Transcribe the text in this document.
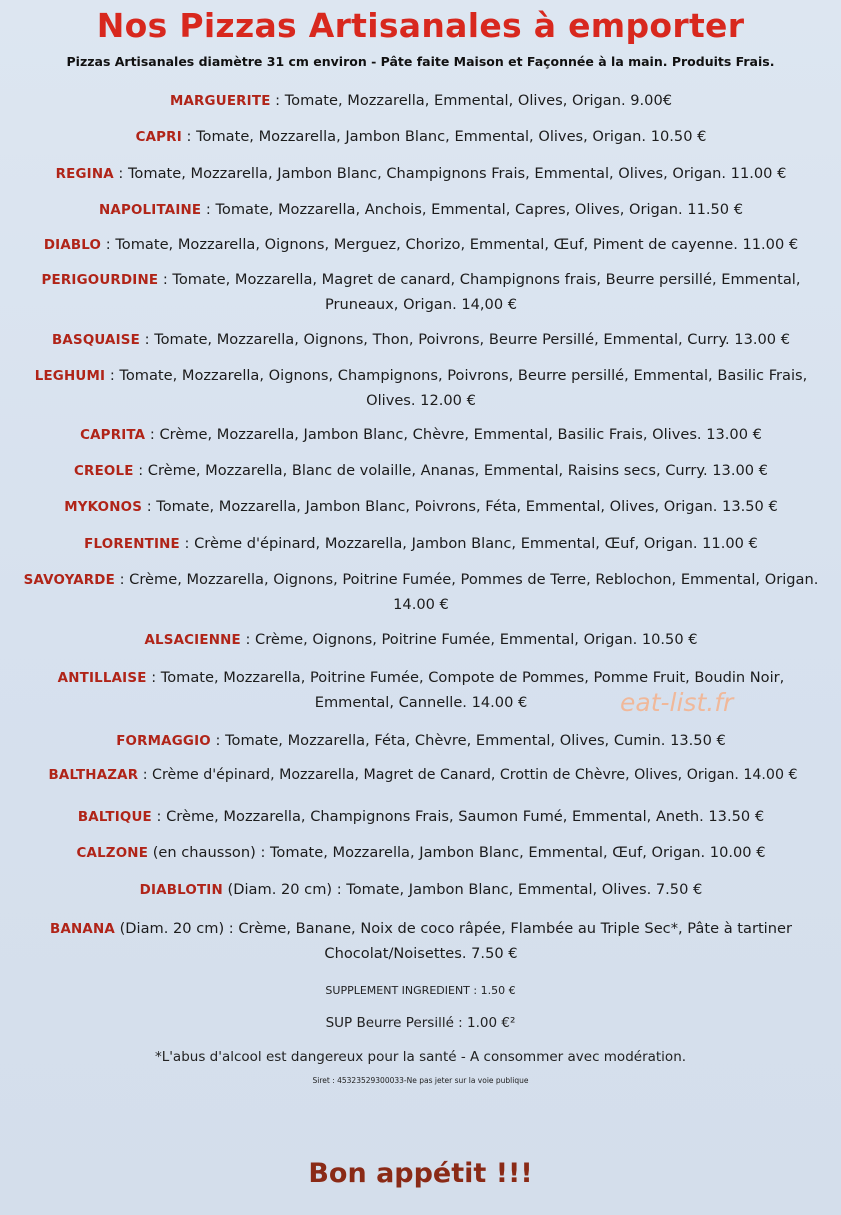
Nos Pizzas Artisanales à emporter
Pizzas Artisanales diamètre 31 cm environ - Pâte faite Maison et Façonnée à la main. Produits Frais.
MARGUERITE : Tomate, Mozzarella, Emmental, Olives, Origan. 9.00€
CAPRI : Tomate, Mozzarella, Jambon Blanc, Emmental, Olives, Origan. 10.50 €
REGINA : Tomate, Mozzarella, Jambon Blanc, Champignons Frais, Emmental, Olives, Origan. 11.00 €
NAPOLITAINE : Tomate, Mozzarella, Anchois, Emmental, Capres, Olives, Origan. 11.50 €
DIABLO : Tomate, Mozzarella, Oignons, Merguez, Chorizo, Emmental, Œuf, Piment de cayenne. 11.00 €
PERIGOURDINE : Tomate, Mozzarella, Magret de canard, Champignons frais, Beurre persillé, Emmental, Pruneaux, Origan. 14,00 €
BASQUAISE : Tomate, Mozzarella, Oignons, Thon, Poivrons, Beurre Persillé, Emmental, Curry. 13.00 €
LEGHUMI : Tomate, Mozzarella, Oignons, Champignons, Poivrons, Beurre persillé, Emmental, Basilic Frais, Olives. 12.00 €
CAPRITA : Crème, Mozzarella, Jambon Blanc, Chèvre, Emmental, Basilic Frais, Olives. 13.00 €
CREOLE : Crème, Mozzarella, Blanc de volaille, Ananas, Emmental, Raisins secs, Curry. 13.00 €
MYKONOS : Tomate, Mozzarella, Jambon Blanc, Poivrons, Féta, Emmental, Olives, Origan. 13.50 €
FLORENTINE : Crème d'épinard, Mozzarella, Jambon Blanc, Emmental, Œuf, Origan. 11.00 €
SAVOYARDE : Crème, Mozzarella, Oignons, Poitrine Fumée, Pommes de Terre, Reblochon, Emmental, Origan. 14.00 €
ALSACIENNE : Crème, Oignons, Poitrine Fumée, Emmental, Origan. 10.50 €
ANTILLAISE : Tomate, Mozzarella, Poitrine Fumée, Compote de Pommes, Pomme Fruit, Boudin Noir, Emmental, Cannelle. 14.00 €	eat-list.fr
FORMAGGIO : Tomate, Mozzarella, Féta, Chèvre, Emmental, Olives, Cumin. 13.50 €
BALTHAZAR : Crème d'épinard, Mozzarella, Magret de Canard, Crottin de Chèvre, Olives, Origan. 14.00 €
BALTIQUE : Crème, Mozzarella, Champignons Frais, Saumon Fumé, Emmental, Aneth. 13.50 €
CALZONE (en chausson) : Tomate, Mozzarella, Jambon Blanc, Emmental, Œuf, Origan. 10.00 €
DIABLOTIN (Diam. 20 cm) : Tomate, Jambon Blanc, Emmental, Olives. 7.50 €
BANANA (Diam. 20 cm) : Crème, Banane, Noix de coco râpée, Flambée au Triple Sec*, Pâte à tartiner Chocolat/Noisettes. 7.50 €
SUPPLEMENT INGREDIENT : 1.50 €
SUP Beurre Persillé : 1.00 €²
*L'abus d'alcool est dangereux pour la santé - A consommer avec modération.
Siret : 45323529300033-Ne pas jeter sur la voie publique
Bon appétit !!!
